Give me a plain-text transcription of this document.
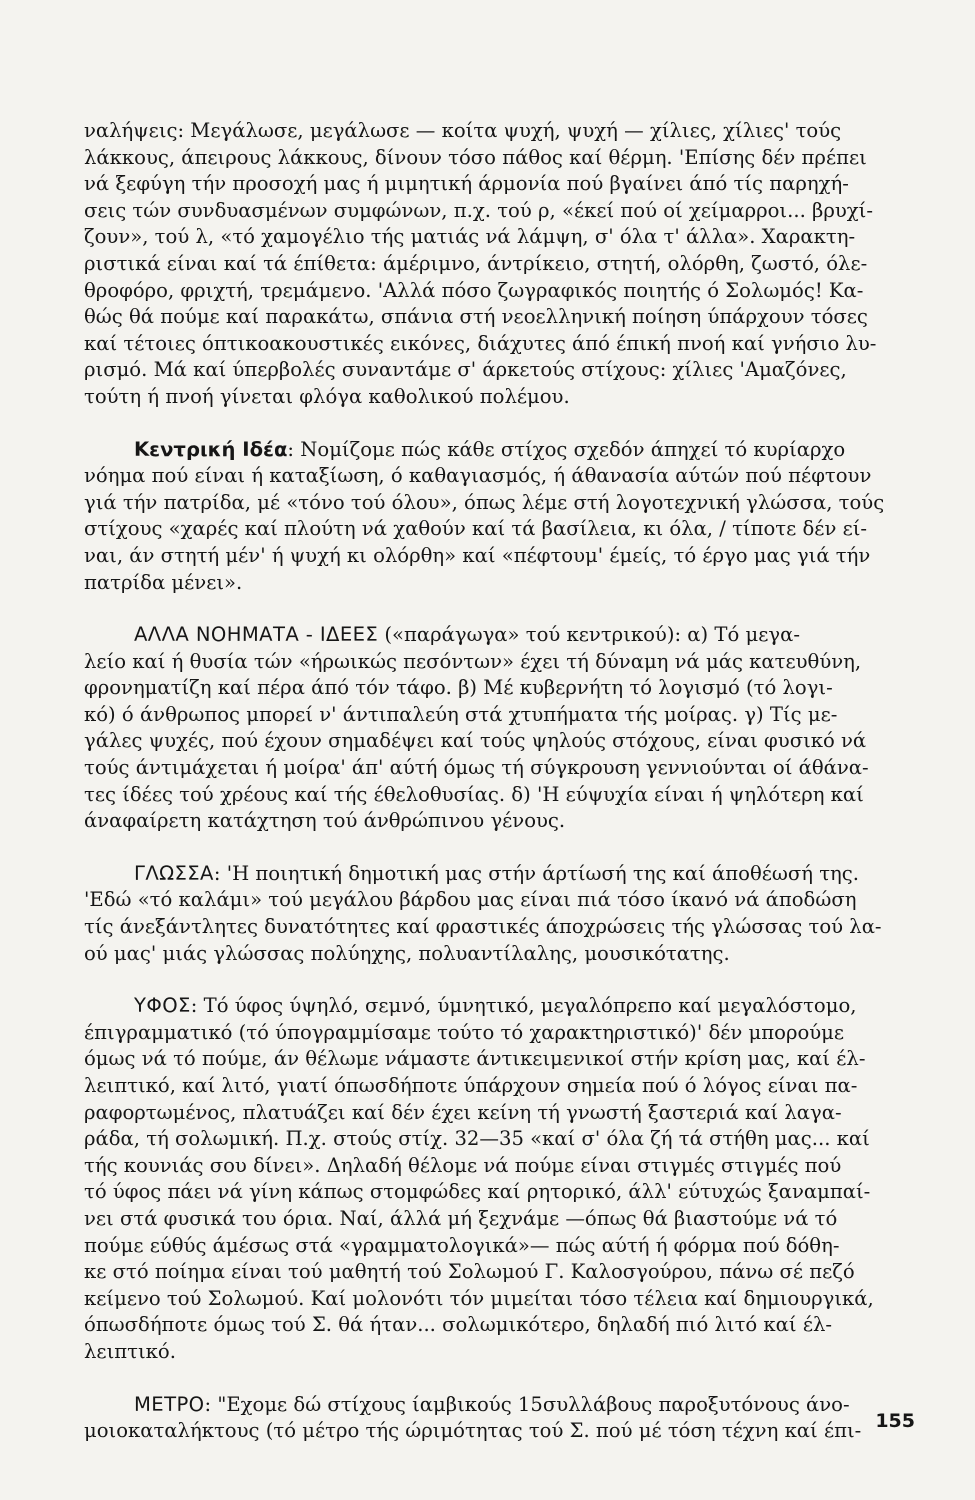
ναλήψεις: Μεγάλωσε, μεγάλωσε — κοίτα ψυχή, ψυχή — χίλιες, χίλιες' τούς
λάκκους, άπειρους λάκκους, δίνουν τόσο πάθος καί θέρμη. 'Επίσης δέν πρέπει
νά ξεφύγη τήν προσοχή μας ή μιμητική άρμονία πού βγαίνει άπό τίς παρηχή-
σεις τών συνδυασμένων συμφώνων, π.χ. τού ρ, «έκεί πού οί χείμαρροι... βρυχί-
ζουν», τού λ, «τό χαμογέλιο τής ματιάς νά λάμψη, σ' όλα τ' άλλα». Χαρακτη-
ριστικά είναι καί τά έπίθετα: άμέριμνο, άντρίκειο, στητή, ολόρθη, ζωστό, όλε-
θροφόρο, φριχτή, τρεμάμενο. 'Αλλά πόσο ζωγραφικός ποιητής ό Σολωμός! Κα-
θώς θά πούμε καί παρακάτω, σπάνια στή νεοελληνική ποίηση ύπάρχουν τόσες
καί τέτοιες όπτικοακουστικές εικόνες, διάχυτες άπό έπική πνοή καί γνήσιο λυ-
ρισμό. Μά καί ύπερβολές συναντάμε σ' άρκετούς στίχους: χίλιες 'Αμαζόνες,
τούτη ή πνοή γίνεται φλόγα καθολικού πολέμου.

Κεντρική Ιδέα: Νομίζομε πώς κάθε στίχος σχεδόν άπηχεί τό κυρίαρχο
νόημα πού είναι ή καταξίωση, ό καθαγιασμός, ή άθανασία αύτών πού πέφτουν
γιά τήν πατρίδα, μέ «τόνο τού όλου», όπως λέμε στή λογοτεχνική γλώσσα, τούς
στίχους «χαρές καί πλούτη νά χαθούν καί τά βασίλεια, κι όλα, / τίποτε δέν εί-
ναι, άν στητή μέν' ή ψυχή κι ολόρθη» καί «πέφτουμ' έμείς, τό έργο μας γιά τήν
πατρίδα μένει».

ΑΛΛΑ ΝΟΗΜΑΤΑ - ΙΔΕΕΣ («παράγωγα» τού κεντρικού): α) Τό μεγα-
λείο καί ή θυσία τών «ήρωικώς πεσόντων» έχει τή δύναμη νά μάς κατευθύνη,
φρονηματίζη καί πέρα άπό τόν τάφο. β) Μέ κυβερνήτη τό λογισμό (τό λογι-
κό) ό άνθρωπος μπορεί ν' άντιπαλεύη στά χτυπήματα τής μοίρας. γ) Τίς με-
γάλες ψυχές, πού έχουν σημαδέψει καί τούς ψηλούς στόχους, είναι φυσικό νά
τούς άντιμάχεται ή μοίρα' άπ' αύτή όμως τή σύγκρουση γεννιούνται οί άθάνα-
τες ίδέες τού χρέους καί τής έθελοθυσίας. δ) 'Η εύψυχία είναι ή ψηλότερη καί
άναφαίρετη κατάχτηση τού άνθρώπινου γένους.

ΓΛΩΣΣΑ: 'Η ποιητική δημοτική μας στήν άρτίωσή της καί άποθέωσή της.
'Εδώ «τό καλάμι» τού μεγάλου βάρδου μας είναι πιά τόσο ίκανό νά άποδώση
τίς άνεξάντλητες δυνατότητες καί φραστικές άποχρώσεις τής γλώσσας τού λα-
ού μας' μιάς γλώσσας πολύηχης, πολυαντίλαλης, μουσικότατης.

ΥΦΟΣ: Τό ύφος ύψηλό, σεμνό, ύμνητικό, μεγαλόπρεπο καί μεγαλόστομο,
έπιγραμματικό (τό ύπογραμμίσαμε τούτο τό χαρακτηριστικό)' δέν μπορούμε
όμως νά τό πούμε, άν θέλωμε νάμαστε άντικειμενικοί στήν κρίση μας, καί έλ-
λειπτικό, καί λιτό, γιατί όπωσδήποτε ύπάρχουν σημεία πού ό λόγος είναι πα-
ραφορτωμένος, πλατυάζει καί δέν έχει κείνη τή γνωστή ξαστεριά καί λαγα-
ράδα, τή σολωμική. Π.χ. στούς στίχ. 32—35 «καί σ' όλα ζή τά στήθη μας... καί
τής κουνιάς σου δίνει». Δηλαδή θέλομε νά πούμε είναι στιγμές στιγμές πού
τό ύφος πάει νά γίνη κάπως στομφώδες καί ρητορικό, άλλ' εύτυχώς ξαναμπαί-
νει στά φυσικά του όρια. Ναί, άλλά μή ξεχνάμε —όπως θά βιαστούμε νά τό
πούμε εύθύς άμέσως στά «γραμματολογικά»— πώς αύτή ή φόρμα πού δόθη-
κε στό ποίημα είναι τού μαθητή τού Σολωμού Γ. Καλοσγούρου, πάνω σέ πεζό
κείμενο τού Σολωμού. Καί μολονότι τόν μιμείται τόσο τέλεια καί δημιουργικά,
όπωσδήποτε όμως τού Σ. θά ήταν... σολωμικότερο, δηλαδή πιό λιτό καί έλ-
λειπτικό.

ΜΕΤΡΟ: "Εχομε δώ στίχους ίαμβικούς 15συλλάβους παροξυτόνους άνο-
μοιοκαταλήκτους (τό μέτρο τής ώριμότητας τού Σ. πού μέ τόση τέχνη καί έπι- 155
